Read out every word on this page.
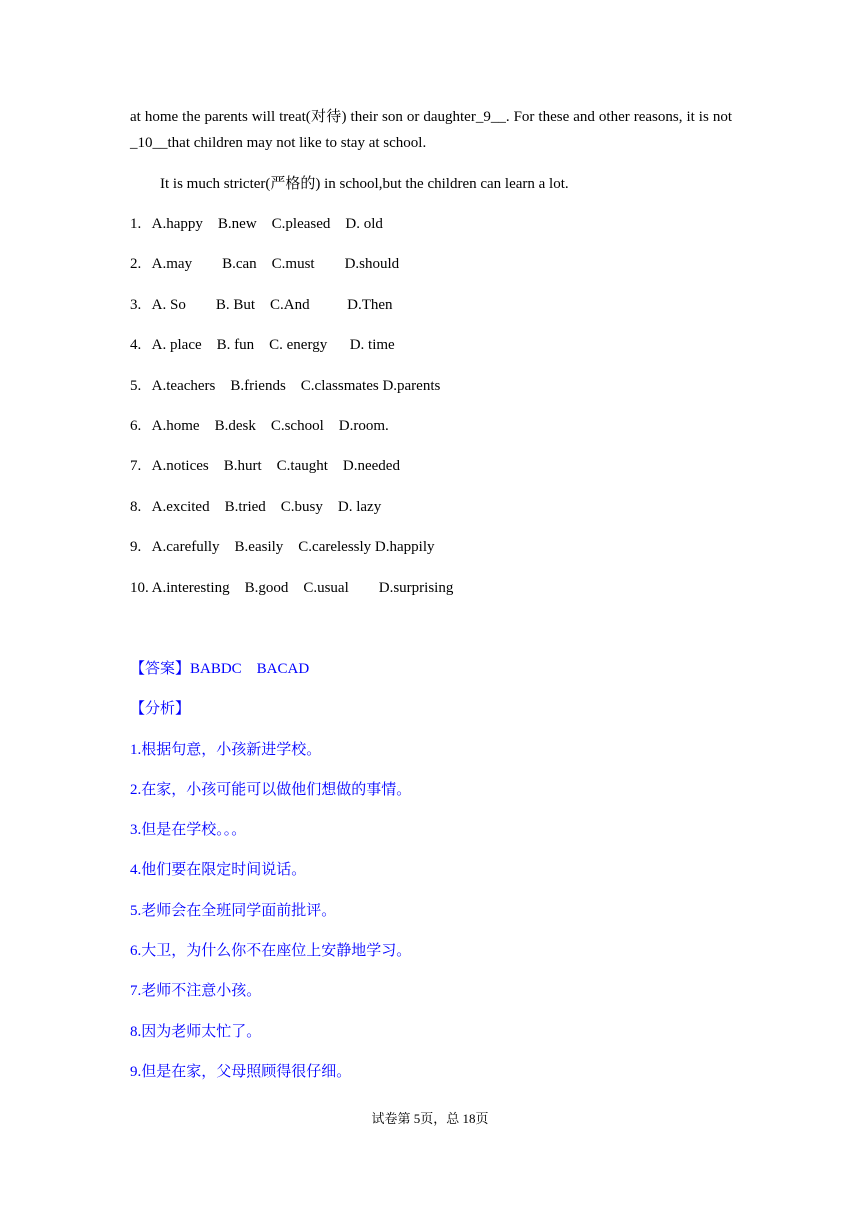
at home the parents will treat(对待) their son or daughter_9__. For these and other reasons, it is not _10__that children may not like to stay at school.

It is much stricter(严格的) in school,but the children can learn a lot.

1.   A.happy    B.new    C.pleased    D. old
2.   A.may        B.can    C.must        D.should
3.   A. So        B. But    C.And          D.Then
4.   A. place    B. fun    C. energy      D. time
5.   A.teachers    B.friends    C.classmates D.parents
6.   A.home    B.desk    C.school    D.room.
7.   A.notices    B.hurt    C.taught    D.needed
8.   A.excited    B.tried    C.busy    D. lazy
9.   A.carefully    B.easily    C.carelessly D.happily
10. A.interesting    B.good    C.usual        D.surprising
【答案】BABDC    BACAD
【分析】
1.根据句意，小孩新进学校。
2.在家，小孩可能可以做他们想做的事情。
3.但是在学校。。。
4.他们要在限定时间说话。
5.老师会在全班同学面前批评。
6.大卫，为什么你不在座位上安静地学习。
7.老师不注意小孩。
8.因为老师太忙了。
9.但是在家，父母照顾得很仔细。
试卷第 5页，总 18页
